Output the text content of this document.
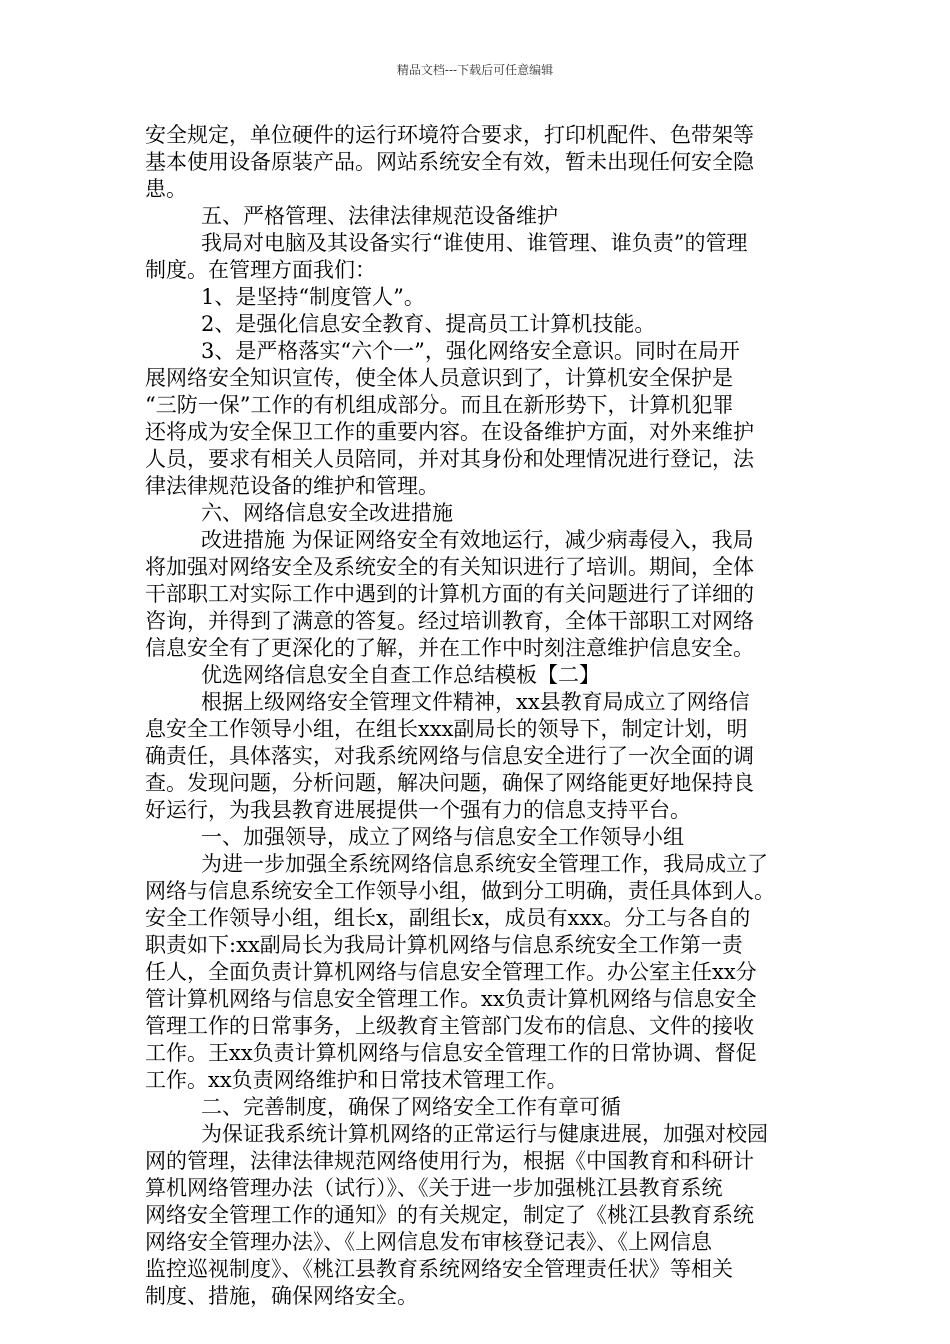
精品文档---下载后可任意编辑
安全规定，单位硬件的运行环境符合要求，打印机配件、色带架等
基本使用设备原装产品。网站系统安全有效，暂未出现任何安全隐
患。
五、严格管理、法律法律规范设备维护
我局对电脑及其设备实行“谁使用、谁管理、谁负责”的管理
制度。在管理方面我们：
1、是坚持“制度管人”。
2、是强化信息安全教育、提高员工计算机技能。
3、是严格落实“六个一”，强化网络安全意识。同时在局开
展网络安全知识宣传，使全体人员意识到了，计算机安全保护是
“三防一保”工作的有机组成部分。而且在新形势下，计算机犯罪
还将成为安全保卫工作的重要内容。在设备维护方面，对外来维护
人员，要求有相关人员陪同，并对其身份和处理情况进行登记，法
律法律规范设备的维护和管理。
六、网络信息安全改进措施
改进措施 为保证网络安全有效地运行，减少病毒侵入，我局
将加强对网络安全及系统安全的有关知识进行了培训。期间，全体
干部职工对实际工作中遇到的计算机方面的有关问题进行了详细的
咨询，并得到了满意的答复。经过培训教育，全体干部职工对网络
信息安全有了更深化的了解，并在工作中时刻注意维护信息安全。
优选网络信息安全自查工作总结模板【二】
根据上级网络安全管理文件精神，xx县教育局成立了网络信
息安全工作领导小组，在组长xxx副局长的领导下，制定计划，明
确责任，具体落实，对我系统网络与信息安全进行了一次全面的调
查。发现问题，分析问题，解决问题，确保了网络能更好地保持良
好运行，为我县教育进展提供一个强有力的信息支持平台。
一、加强领导，成立了网络与信息安全工作领导小组
为进一步加强全系统网络信息系统安全管理工作，我局成立了
网络与信息系统安全工作领导小组，做到分工明确，责任具体到人。
安全工作领导小组，组长x，副组长x，成员有xxx。分工与各自的
职责如下:xx副局长为我局计算机网络与信息系统安全工作第一责
任人，全面负责计算机网络与信息安全管理工作。办公室主任xx分
管计算机网络与信息安全管理工作。xx负责计算机网络与信息安全
管理工作的日常事务，上级教育主管部门发布的信息、文件的接收
工作。王xx负责计算机网络与信息安全管理工作的日常协调、督促
工作。xx负责网络维护和日常技术管理工作。
二、完善制度，确保了网络安全工作有章可循
为保证我系统计算机网络的正常运行与健康进展，加强对校园
网的管理，法律法律规范网络使用行为，根据《中国教育和科研计
算机网络管理办法（试行）》、《关于进一步加强桃江县教育系统
网络安全管理工作的通知》的有关规定，制定了《桃江县教育系统
网络安全管理办法》、《上网信息发布审核登记表》、《上网信息
监控巡视制度》、《桃江县教育系统网络安全管理责任状》等相关
制度、措施，确保网络安全。
